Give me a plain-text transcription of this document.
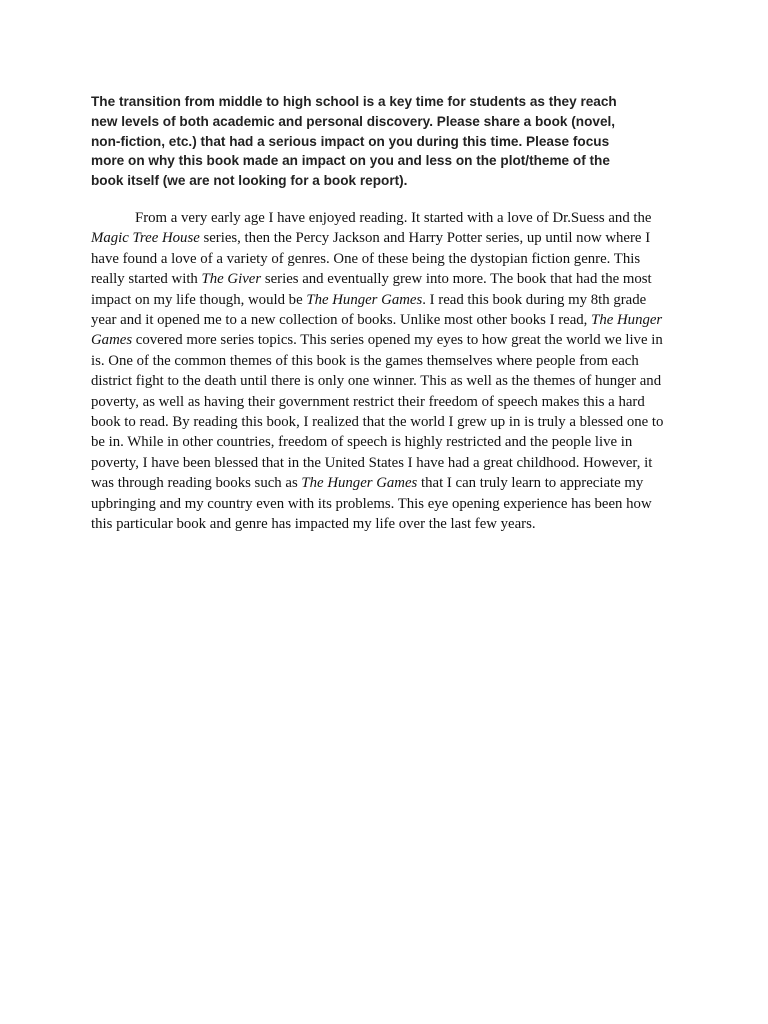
The transition from middle to high school is a key time for students as they reach
new levels of both academic and personal discovery. Please share a book (novel,
non-fiction, etc.) that had a serious impact on you during this time. Please focus
more on why this book made an impact on you and less on the plot/theme of the
book itself (we are not looking for a book report).

From a very early age I have enjoyed reading. It started with a love of Dr.Suess and the
Magic Tree House series, then the Percy Jackson and Harry Potter series, up until now where I
have found a love of a variety of genres. One of these being the dystopian fiction genre. This
really started with The Giver series and eventually grew into more. The book that had the most
impact on my life though, would be The Hunger Games. I read this book during my 8th grade
year and it opened me to a new collection of books. Unlike most other books I read, The Hunger
Games covered more series topics. This series opened my eyes to how great the world we live in
is. One of the common themes of this book is the games themselves where people from each
district fight to the death until there is only one winner. This as well as the themes of hunger and
poverty, as well as having their government restrict their freedom of speech makes this a hard
book to read. By reading this book, I realized that the world I grew up in is truly a blessed one to
be in. While in other countries, freedom of speech is highly restricted and the people live in
poverty, I have been blessed that in the United States I have had a great childhood. However, it
was through reading books such as The Hunger Games that I can truly learn to appreciate my
upbringing and my country even with its problems. This eye opening experience has been how
this particular book and genre has impacted my life over the last few years.
